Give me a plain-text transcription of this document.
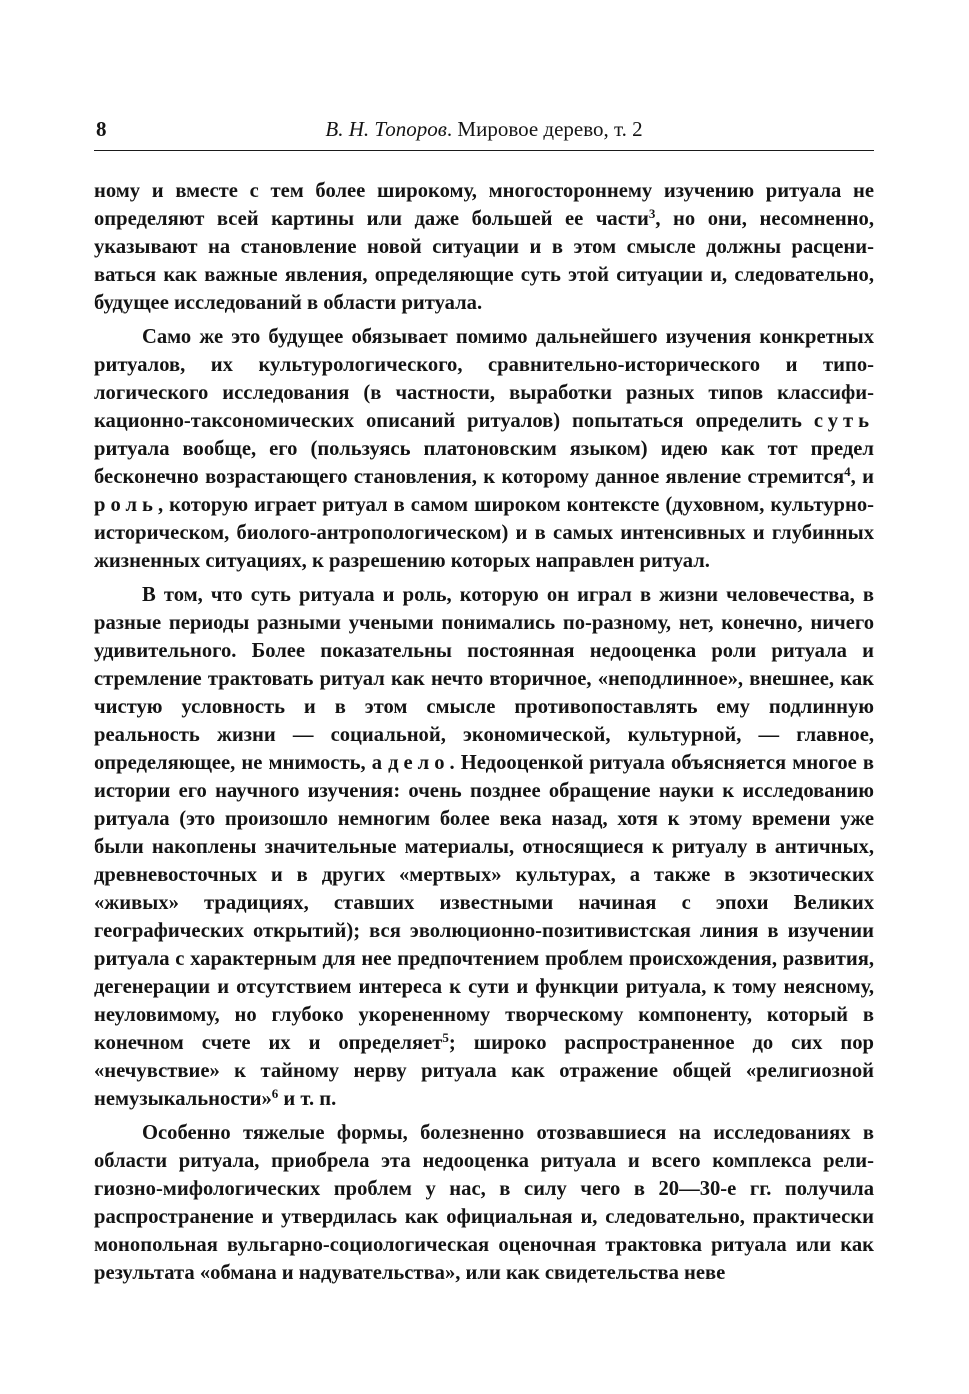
8	В. Н. Топоров. Мировое дерево, т. 2

ному и вместе с тем более широкому, многостороннему изучению ритуала не определяют всей картины или даже большей ее части$^3$, но они, несомненно, указывают на становление новой ситуации и в этом смысле должны расцениваться как важные явления, определяющие суть этой ситуации и, следовательно, будущее исследований в области ритуала.

Само же это будущее обязывает помимо дальнейшего изучения конкретных ритуалов, их культурологического, сравнительно-исторического и типологического исследования (в частности, выработки разных типов классификационно-таксономических описаний ритуалов) попытаться определить суть ритуала вообще, его (пользуясь платоновским языком) идею как тот предел бесконечно возрастающего становления, к которому данное явление стремится$^4$, и роль, которую играет ритуал в самом широком контексте (духовном, культурно-историческом, биолого-антропологическом) и в самых интенсивных и глубинных жизненных ситуациях, к разрешению которых направлен ритуал.

В том, что суть ритуала и роль, которую он играл в жизни человечества, в разные периоды разными учеными понимались по-разному, нет, конечно, ничего удивительного. Более показательны постоянная недооценка роли ритуала и стремление трактовать ритуал как нечто вторичное, «неподлинное», внешнее, как чистую условность и в этом смысле противопоставлять ему подлинную реальность жизни — социальной, экономической, культурной, — главное, определяющее, не мнимость, а дело. Недооценкой ритуала объясняется многое в истории его научного изучения: очень позднее обращение науки к исследованию ритуала (это произошло немногим более века назад, хотя к этому времени уже были накоплены значительные материалы, относящиеся к ритуалу в античных, древневосточных и в других «мертвых» культурах, а также в экзотических «живых» традициях, ставших известными начиная с эпохи Великих географических открытий); вся эволюционно-позитивистская линия в изучении ритуала с характерным для нее предпочтением проблем происхождения, развития, дегенерации и отсутствием интереса к сути и функции ритуала, к тому неясному, неуловимому, но глубоко укорененному творческому компоненту, который в конечном счете их и определяет$^5$; широко распространенное до сих пор «нечувствие» к тайному нерву ритуала как отражение общей «религиозной немузыкальности»$^6$ и т. п.

Особенно тяжелые формы, болезненно отозвавшиеся на исследованиях в области ритуала, приобрела эта недооценка ритуала и всего комплекса религиозно-мифологических проблем у нас, в силу чего в 20—30-е гг. получила распространение и утвердилась как официальная и, следовательно, практически монопольная вульгарно-социологическая оценочная трактовка ритуала или как результата «обмана и надувательства», или как свидетельства неве
